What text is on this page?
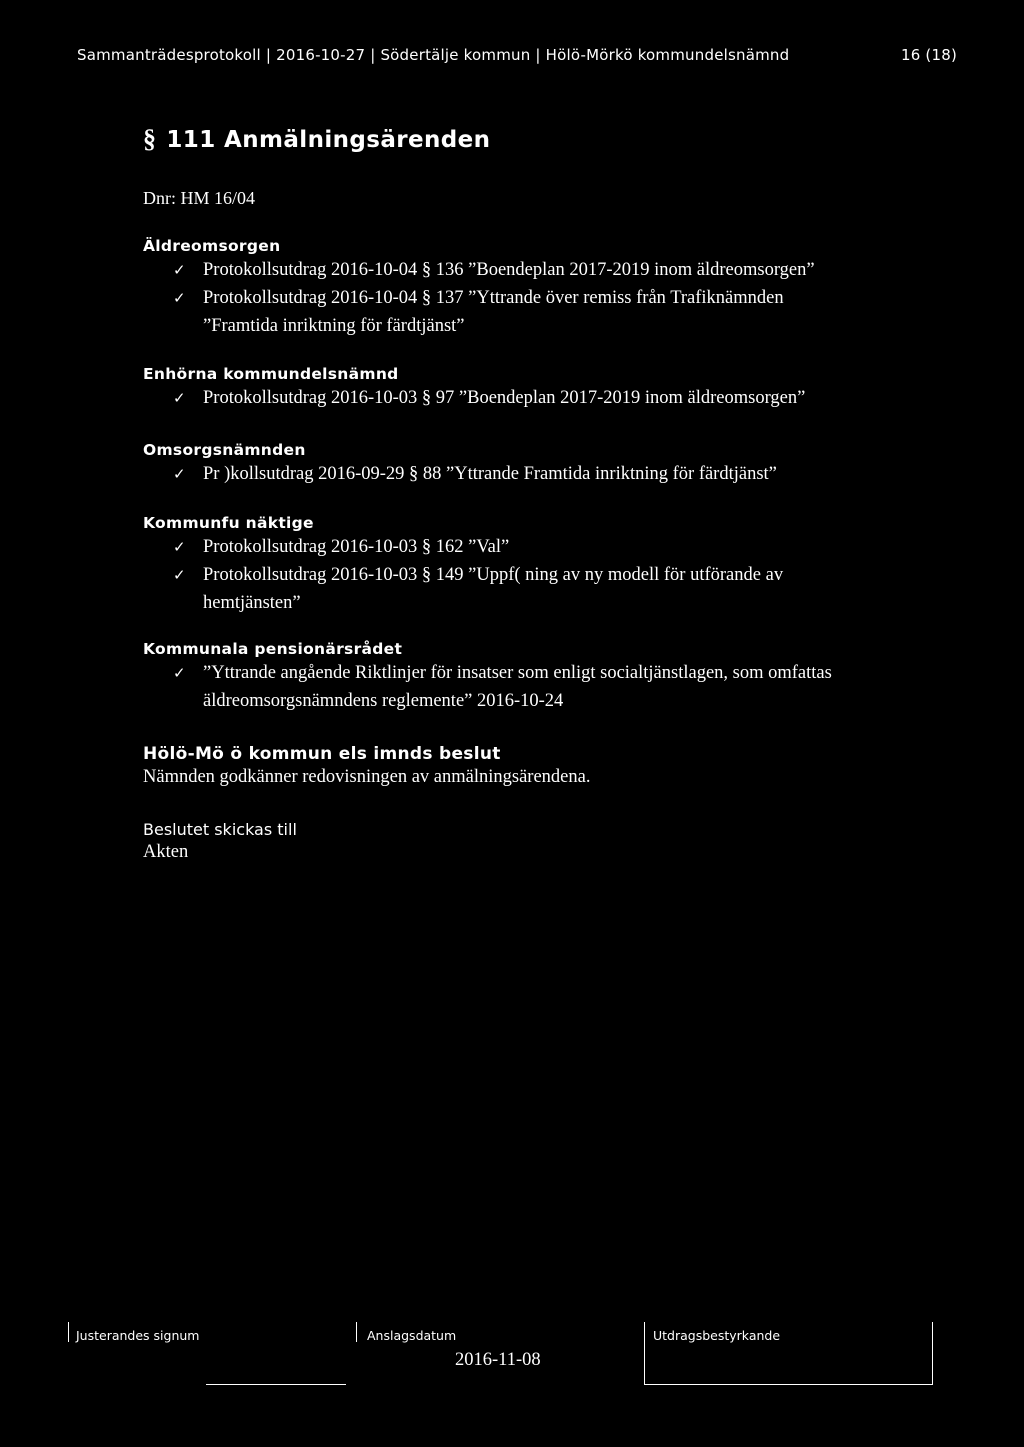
Sammanträdesprotokoll | 2016-10-27 | Södertälje kommun | Hölö-Mörkö kommundelsnämnd	16 (18)
§ 111 Anmälningsärenden
Dnr: HM 16/04
Äldreomsorgen
✓ Protokollsutdrag 2016-10-04 § 136 ”Boendeplan 2017-2019 inom äldreomsorgen”
✓ Protokollsutdrag 2016-10-04 § 137 ”Yttrande över remiss från Trafiknämnden
”Framtida inriktning för färdtjänst”
Enhörna kommundelsnämnd
✓ Protokollsutdrag 2016-10-03 § 97 ”Boendeplan 2017-2019 inom äldreomsorgen”
Omsorgsnämnden
✓ Pr )kollsutdrag 2016-09-29 § 88 ”Yttrande Framtida inriktning för färdtjänst”
Kommunfu näktige
✓ Protokollsutdrag 2016-10-03 § 162 ”Val”
✓ Protokollsutdrag 2016-10-03 § 149 ”Uppf( ning av ny modell för utförande av
hemtjänsten”
Kommunala pensionärsrådet
✓ ”Yttrande angående Riktlinjer för insatser som enligt socialtjänstlagen, som omfattas
äldreomsorgsnämndens reglemente” 2016-10-24
Hölö-Mö ö kommun els imnds beslut
Nämnden godkänner redovisningen av anmälningsärendena.
Beslutet skickas till
Akten
Justerandes signum	Anslagsdatum
2016-11-08
Utdragsbestyrkande
